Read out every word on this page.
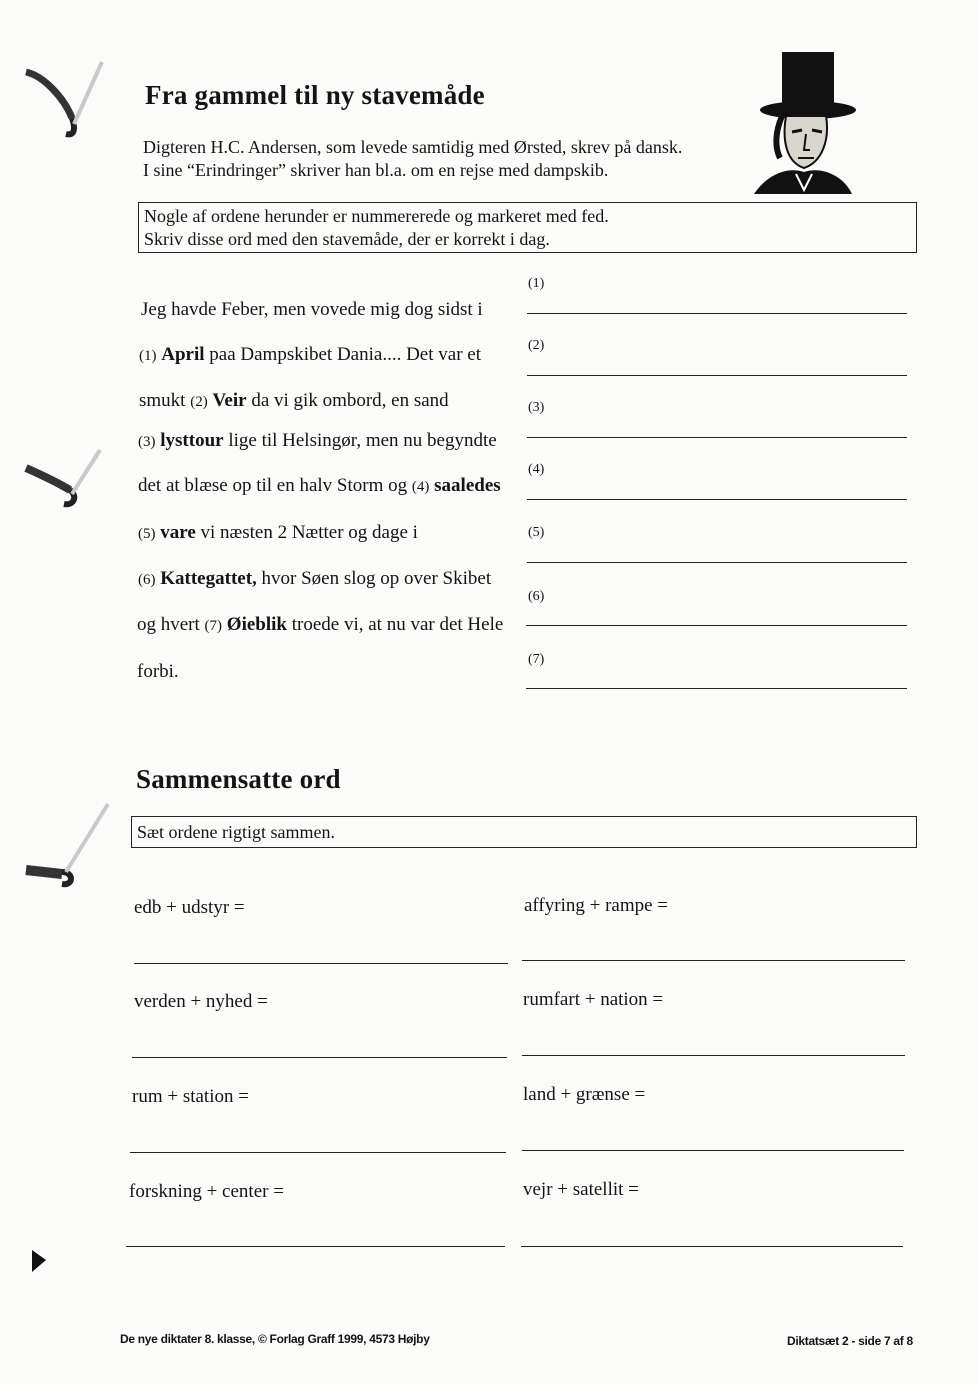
Fra gammel til ny stavemåde
Digteren H.C. Andersen, som levede samtidig med Ørsted, skrev på dansk.
I sine “Erindringer” skriver han bl.a. om en rejse med dampskib.
Nogle af ordene herunder er nummererede og markeret med fed.
Skriv disse ord med den stavemåde, der er korrekt i dag.
Jeg havde Feber, men vovede mig dog sidst i
(1) April paa Dampskibet Dania.... Det var et
smukt (2) Veir da vi gik ombord, en sand
(3) lysttour lige til Helsingør, men nu begyndte
det at blæse op til en halv Storm og (4) saaledes
(5) vare vi næsten 2 Nætter og dage i
(6) Kattegattet, hvor Søen slog op over Skibet
og hvert (7) Øieblik troede vi, at nu var det Hele
forbi.
(1)
(2)
(3)
(4)
(5)
(6)
(7)
Sammensatte ord
Sæt ordene rigtigt sammen.
edb + udstyr =	affyring + rampe =
verden + nyhed =	rumfart + nation =
rum + station =	land + grænse =
forskning + center =	vejr + satellit =
De nye diktater 8. klasse, © Forlag Graff 1999, 4573 Højby	Diktatsæt 2 - side 7 af 8
